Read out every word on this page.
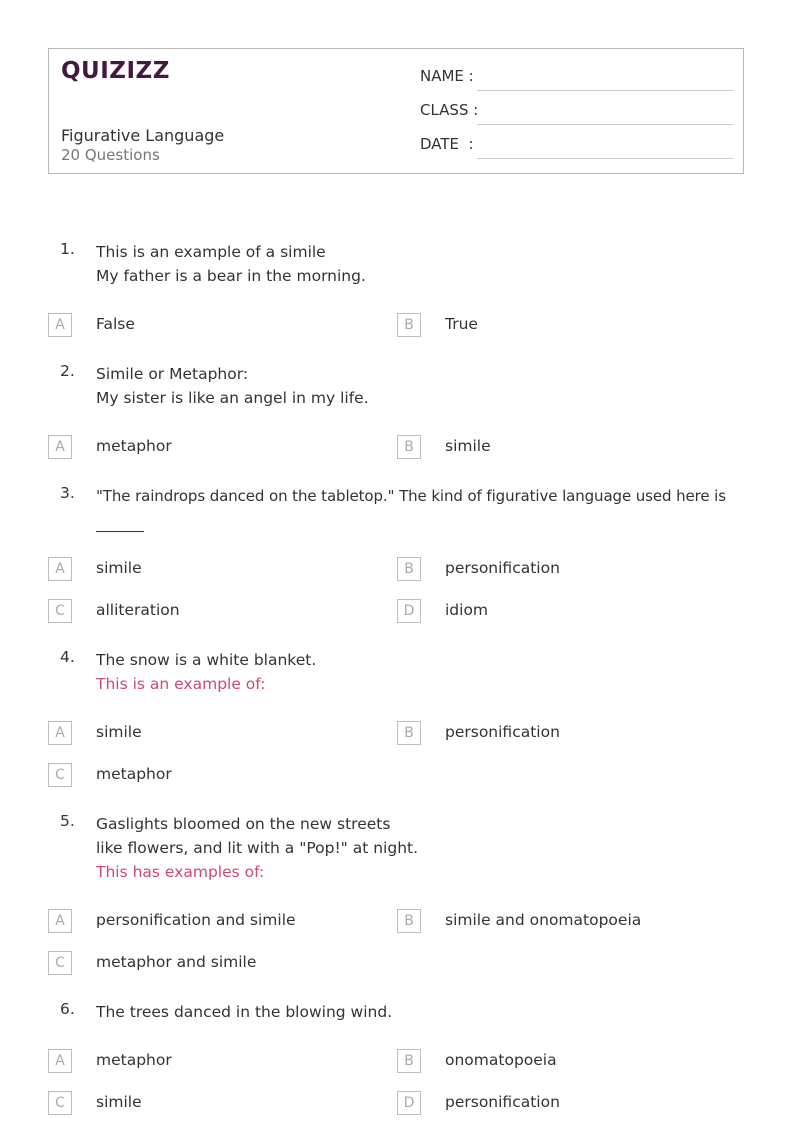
QUIZIZZ
Figurative Language
20 Questions
NAME :
CLASS :
DATE  :
1. This is an example of a simile
My father is a bear in the morning.
A	False	B	True
2. Simile or Metaphor:
My sister is like an angel in my life.
A	metaphor	B	simile
3. "The raindrops danced on the tabletop." The kind of figurative language used here is
A	simile	B	personification
C	alliteration	D	idiom
4. The snow is a white blanket.
This is an example of:
A	simile	B	personification
C	metaphor
5. Gaslights bloomed on the new streets
like flowers, and lit with a "Pop!" at night.
This has examples of:
A	personification and simile	B	simile and onomatopoeia
C	metaphor and simile
6. The trees danced in the blowing wind.
A	metaphor	B	onomatopoeia
C	simile	D	personification
